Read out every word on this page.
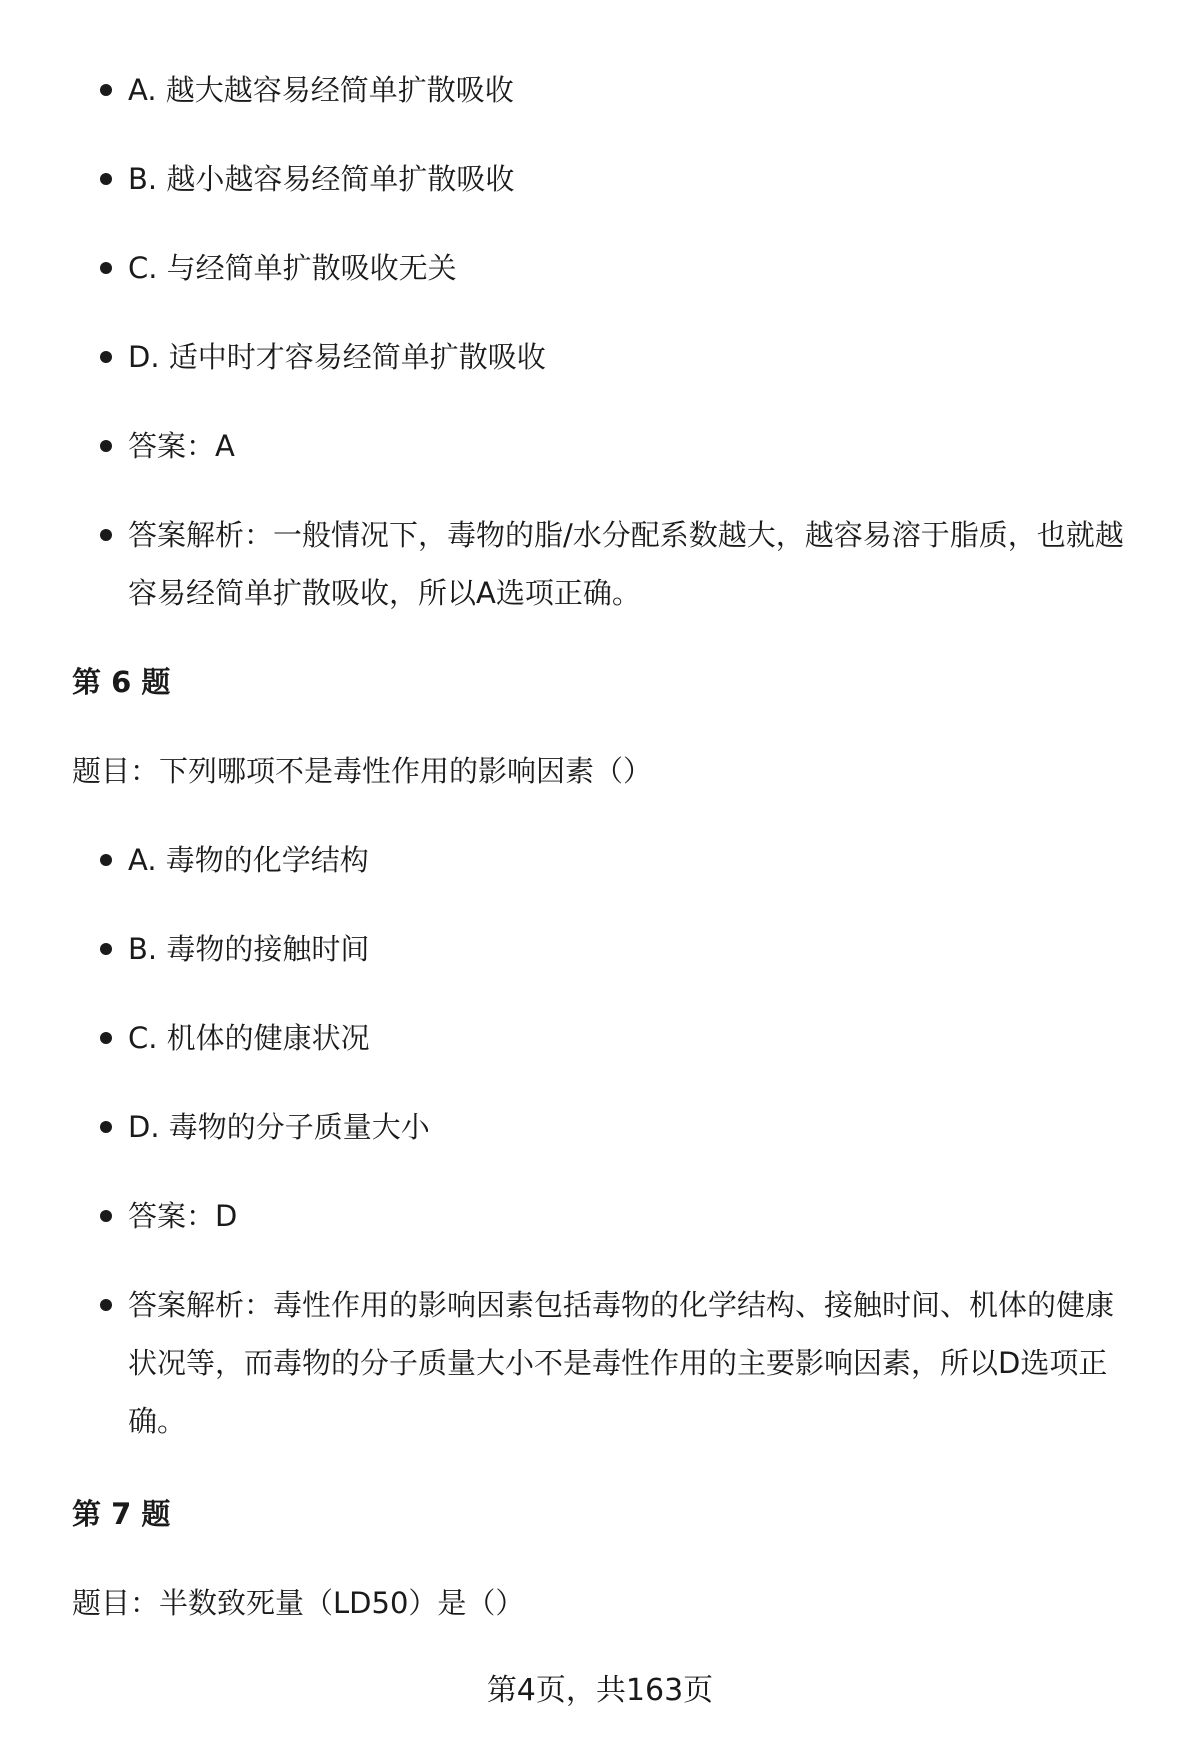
A. 越大越容易经简单扩散吸收
B. 越小越容易经简单扩散吸收
C. 与经简单扩散吸收无关
D. 适中时才容易经简单扩散吸收
答案：A
答案解析：一般情况下，毒物的脂/水分配系数越大，越容易溶于脂质，也就越
容易经简单扩散吸收，所以A选项正确。
第 6 题
题目：下列哪项不是毒性作用的影响因素（）
A. 毒物的化学结构
B. 毒物的接触时间
C. 机体的健康状况
D. 毒物的分子质量大小
答案：D
答案解析：毒性作用的影响因素包括毒物的化学结构、接触时间、机体的健康
状况等，而毒物的分子质量大小不是毒性作用的主要影响因素，所以D选项正
确。
第 7 题
题目：半数致死量（LD50）是（）
第4页，共163页
